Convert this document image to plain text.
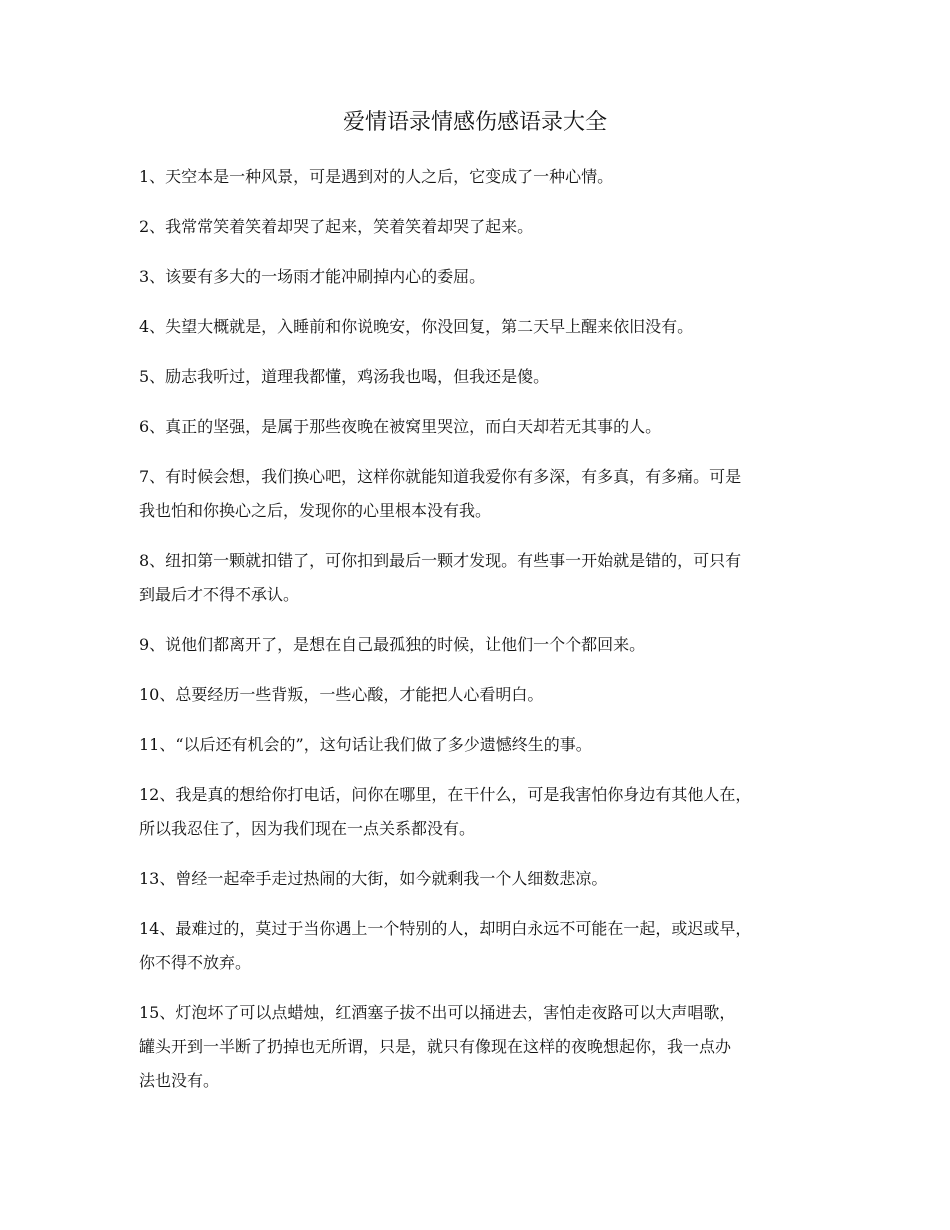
爱情语录情感伤感语录大全
1、天空本是一种风景，可是遇到对的人之后，它变成了一种心情。
2、我常常笑着笑着却哭了起来，笑着笑着却哭了起来。
3、该要有多大的一场雨才能冲刷掉内心的委屈。
4、失望大概就是，入睡前和你说晚安，你没回复，第二天早上醒来依旧没有。
5、励志我听过，道理我都懂，鸡汤我也喝，但我还是傻。
6、真正的坚强，是属于那些夜晚在被窝里哭泣，而白天却若无其事的人。
7、有时候会想，我们换心吧，这样你就能知道我爱你有多深，有多真，有多痛。可是
我也怕和你换心之后，发现你的心里根本没有我。
8、纽扣第一颗就扣错了，可你扣到最后一颗才发现。有些事一开始就是错的，可只有
到最后才不得不承认。
9、说他们都离开了，是想在自己最孤独的时候，让他们一个个都回来。
10、总要经历一些背叛，一些心酸，才能把人心看明白。
11、“以后还有机会的”，这句话让我们做了多少遗憾终生的事。
12、我是真的想给你打电话，问你在哪里，在干什么，可是我害怕你身边有其他人在，
所以我忍住了，因为我们现在一点关系都没有。
13、曾经一起牵手走过热闹的大街，如今就剩我一个人细数悲凉。
14、最难过的，莫过于当你遇上一个特别的人，却明白永远不可能在一起，或迟或早，
你不得不放弃。
15、灯泡坏了可以点蜡烛，红酒塞子拔不出可以捅进去，害怕走夜路可以大声唱歌，
罐头开到一半断了扔掉也无所谓，只是，就只有像现在这样的夜晚想起你，我一点办
法也没有。
